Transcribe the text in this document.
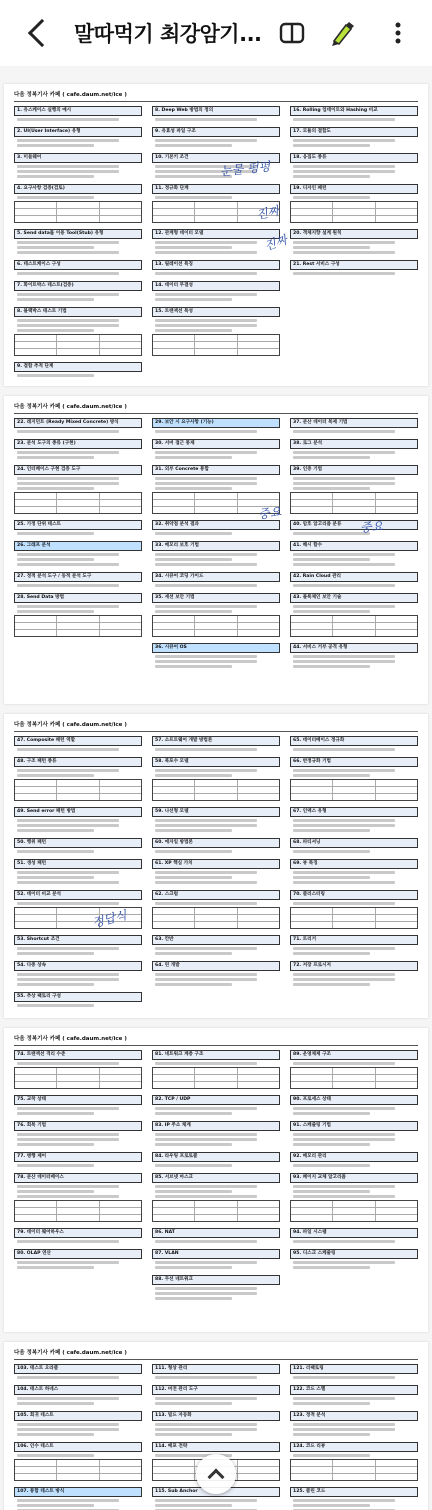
말따먹기 최강암기...
다음 정복기사 카페 ( cafe.daum.net/ice )
1. 유스케이스 실행의 예시
2. UI(User Interface) 유형
3. 미들웨어
4. 요구사항 검증(검토)
5. Send data를 이용 Tool(Stub) 유형
6. 테스트케이스 구성
7. 화이트박스 테스트(검증)
8. 블랙박스 테스트 기법
9. 결함 추적 단계
8. Deep Web 방법의 정의
9. 유효성 파일 구조
10. 기본키 조건
11. 정규화 단계
12. 관계형 데이터 모델
13. 릴레이션 특징
14. 데이터 무결성
15. 트랜잭션 특성
16. Rolling 업데이트와 Hashing 비교
17. 모듈의 결합도
18. 응집도 종류
19. 디자인 패턴
20. 객체지향 설계 원칙
21. Rest 서비스 구성
눈물 펑펑
진짜
진짜
다음 정복기사 카페 ( cafe.daum.net/ice )
22. 레지던트 (Ready Mixed Concrete) 방식
23. 분석 도구의 종류 (구현)
24. 인터페이스 구현 검증 도구
25. 가정 단위 테스트
26. 그래프 분석
27. 정적 분석 도구 / 동적 분석 도구
28. Send Data 방법
29. 보안 시 요구사항 (기능)
30. 서버 접근 통제
31. 외부 Concrete 통합
32. 취약점 분석 결과
33. 메모리 보호 기법
34. 시큐어 코딩 가이드
35. 세션 보안 기법
36. 시큐어 OS
37. 분산 데이터 복제 기법
38. 로그 분석
39. 인증 기법
40. 암호 알고리즘 분류
41. 해시 함수
42. Rain Cloud 관리
43. 블록체인 보안 기술
44. 서비스 거부 공격 유형
중요
중요
다음 정복기사 카페 ( cafe.daum.net/ice )
47. Composite 패턴 역할
48. 구조 패턴 종류
49. Send error 패턴 방법
50. 행위 패턴
51. 생성 패턴
52. 데이터 비교 분석
53. Shortcut 조건
54. 다중 상속
55. 추상 팩토리 구성
57. 소프트웨어 개발 방법론
58. 폭포수 모델
59. 나선형 모델
60. 애자일 방법론
61. XP 핵심 가치
62. 스크럼
63. 칸반
64. 린 개발
65. 데이터베이스 정규화
66. 반정규화 기법
67. 인덱스 유형
68. 파티셔닝
69. 뷰 특징
70. 클러스터링
71. 트리거
72. 저장 프로시저
정답식
다음 정복기사 카페 ( cafe.daum.net/ice )
74. 트랜잭션 격리 수준
75. 교착 상태
76. 회복 기법
77. 병행 제어
78. 분산 데이터베이스
79. 데이터 웨어하우스
80. OLAP 연산
81. 네트워크 계층 구조
82. TCP / UDP
83. IP 주소 체계
84. 라우팅 프로토콜
85. 서브넷 마스크
86. NAT
87. VLAN
88. 무선 네트워크
89. 운영체제 구조
90. 프로세스 상태
91. 스케줄링 기법
92. 메모리 관리
93. 페이지 교체 알고리즘
94. 파일 시스템
95. 디스크 스케줄링
다음 정복기사 카페 ( cafe.daum.net/ice )
103. 테스트 오라클
104. 테스트 하네스
105. 회귀 테스트
106. 인수 테스트
107. 통합 테스트 방식
111. 형상 관리
112. 버전 관리 도구
113. 빌드 자동화
114. 배포 전략
115. Sub Anchor
121. 리팩토링
122. 코드 스멜
123. 정적 분석
124. 코드 리뷰
125. 클린 코드
